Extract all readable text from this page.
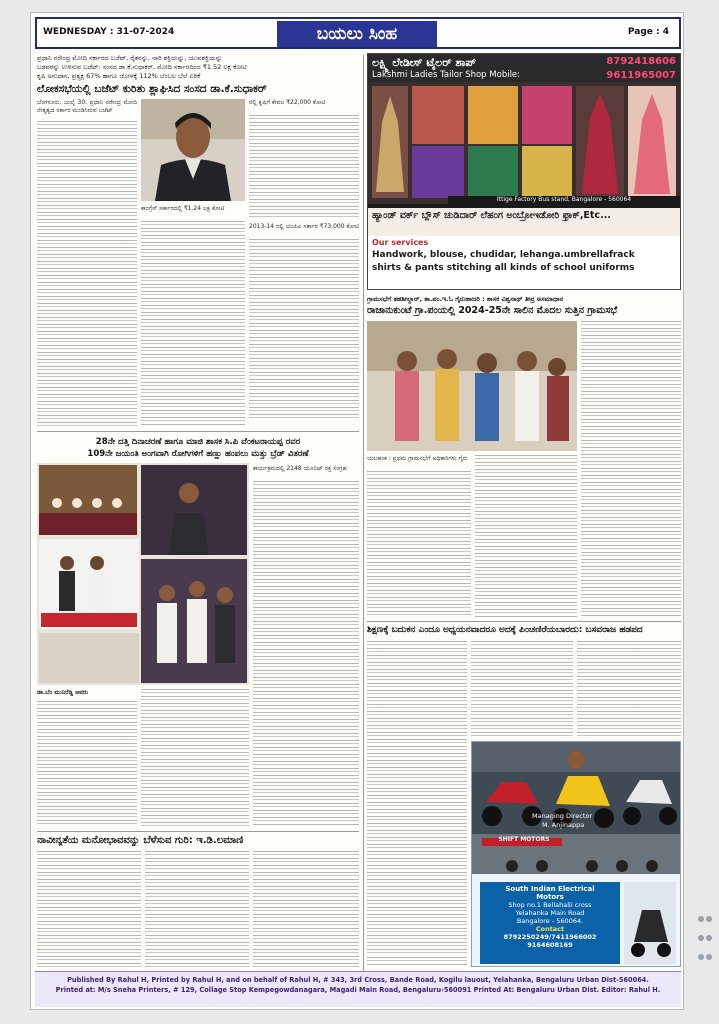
WEDNESDAY : 31-07-2024	ಬಯಲು ಸಿಂಹ	Page : 4
ಪ್ರಧಾನಿ ನರೇಂದ್ರ ಮೋದಿ ಸರ್ಕಾರದ ಬಜೆಟ್, ರೈತರನ್ನು, ನಾರಿ ಶಕ್ತಿಯನ್ನು, ಯುವಶಕ್ತಿಯನ್ನು
ಬಡವರನ್ನು ಉಳಿಸುವ ಬಜೆಟ್: ಸಂಸದ ಡಾ.ಕೆ.ಸುಧಾಕರ್, ಮೋದಿ ಸರ್ಕಾರದಿಂದ ₹1.52 ಲಕ್ಷ ಕೋಟಿ
ಕೃಷಿ ಅನುದಾನ, ಪ್ರತ್ಯಕ್ಷ 67% ಹಾಗೂ ಜೋಳಕ್ಕೆ 112% ಬೆಂಬಲ ಬೆಲೆ ಏರಿಕೆ
ಲೋಕಸಭೆಯಲ್ಲಿ ಬಜೆಟ್ ಕುರಿತು ಶ್ಲಾಘಿಸಿದ ಸಂಸದ ಡಾ.ಕೆ.ಸುಧಾಕರ್
ಬೆಂಗಳೂರು, ಜುಲೈ 30. ಪ್ರಧಾನಿ ನರೇಂದ್ರ ಮೋದಿ ನೇತೃತ್ವದ ಸರ್ಕಾರ ಮಂಡಿಸಿರುವ ಬಜೆಟ್
ಕಾಂಗ್ರೆಸ್ ಸರ್ಕಾರದಲ್ಲಿ ₹1.24 ಲಕ್ಷ ಕೋಟಿ
ರಲ್ಲಿ ಕೃಷಿಗೆ ಕೇವಲ ₹22,000 ಕೋಟಿ
2013-14 ರಲ್ಲಿ ಯುಪಿಎ ಸರ್ಕಾರ ₹73,000 ಕೋಟಿ
ಲಕ್ಷ್ಮಿ ಲೇಡೀಸ್ ಟೈಲರ್ ಶಾಪ್	8792418606
Lakshmi Ladies Tailor Shop Mobile:	9611965007
Ittige Factory Bus stand, Bangalore - 560064
ಹ್ಯಾಂಡ್ ವರ್ಕ್ ಬ್ಲೌಸ್ ಚುಡಿದಾರ್ ಲೆಹಂಗ ಅಂಬ್ರೋಇಡೋರಿ ಫ್ರಾಕ್,Etc...
Our services
Handwork, blouse, chudidar, lehanga.umbrellafrack
shirts & pants stitching all kinds of school uniforms
ಗ್ರಾಮಸಭೆಗೆ ತಹಶೀಲ್ದಾರ್, ತಾ.ಪಂ.ಇ.ಓ ಗೈರುಹಾಜರಿ : ಶಾಸಕ ವಿಶ್ವನಾಥ್ ತೀವ್ರ ಅಸಮಾಧಾನ
ರಾಜಾನುಕುಂಟೆ ಗ್ರಾ.ಪಂಯಲ್ಲಿ 2024-25ನೇ ಸಾಲಿನ ಮೊದಲ ಸುತ್ತಿನ ಗ್ರಾಮಸಭೆ
ಯಲಹಂಕ : ಪ್ರಥಮ ಗ್ರಾಮಸಭೆಗೆ ಅಧಿಕಾರಿಗಳು ಗೈರು
ಶಿಕ್ಷಣಕ್ಕೆ ಬದುಕನ ಎಂದೂ ಅಧ್ಯಯನವಾದರೂ ಅದಕ್ಕೆ ಪಿಂಚಣಿರೆಯಬಾರದು: ಬಸವರಾಜ ಹಡಪದ
Managing Director
M. Anjinappa
SHIFT MOTORS
South Indian Electrical
Motors
Shop no.1 Bellahalli cross
Yelahanka Main Road
Bangalore - 560064.
Contact
8792250249/7411966002
9164608169
28ನೇ ದತ್ತಿ ದಿನಾಚರಣೆ ಹಾಗೂ ಮಾಜಿ ಶಾಸಕ ಸಿ.ಪಿ ವೆಂಕಟರಾಯಪ್ಪ ರವರ
109ನೇ ಜಯಂತಿ ಅಂಗವಾಗಿ ರೋಗಿಗಳಿಗೆ ಹಣ್ಣು ಹಂಪಲು ಮತ್ತು ಬ್ರೆಡ್ ವಿತರಣೆ
ಡಾ.ಬೆಂ ಮುನಿರೆಡ್ಡಿ ಅವರು
ಕಾರ್ಯಕ್ರಮದಲ್ಲಿ 2148 ಯೂನಿಟ್ ರಕ್ತ ಸಂಗ್ರಹ
ನಾವೀನ್ಯತೆಯ ಮನೋಭಾವವನ್ನು ಬೆಳೆಸುವ ಗುರಿ: ಇ.ಡಿ.ಲಮಾಣಿ
Published By Rahul H, Printed by Rahul H, and on behalf of Rahul H, # 343, 3rd Cross, Bande Road, Kogilu lauout, Yelahanka, Bengaluru Urban Dist-560064.
Printed at: M/s Sneha Printers, # 129, Collage Stop Kempegowdanagara, Magadi Main Road, Bengaluru-560091 Printed At: Bengaluru Urban Dist. Editor: Rahul H.
